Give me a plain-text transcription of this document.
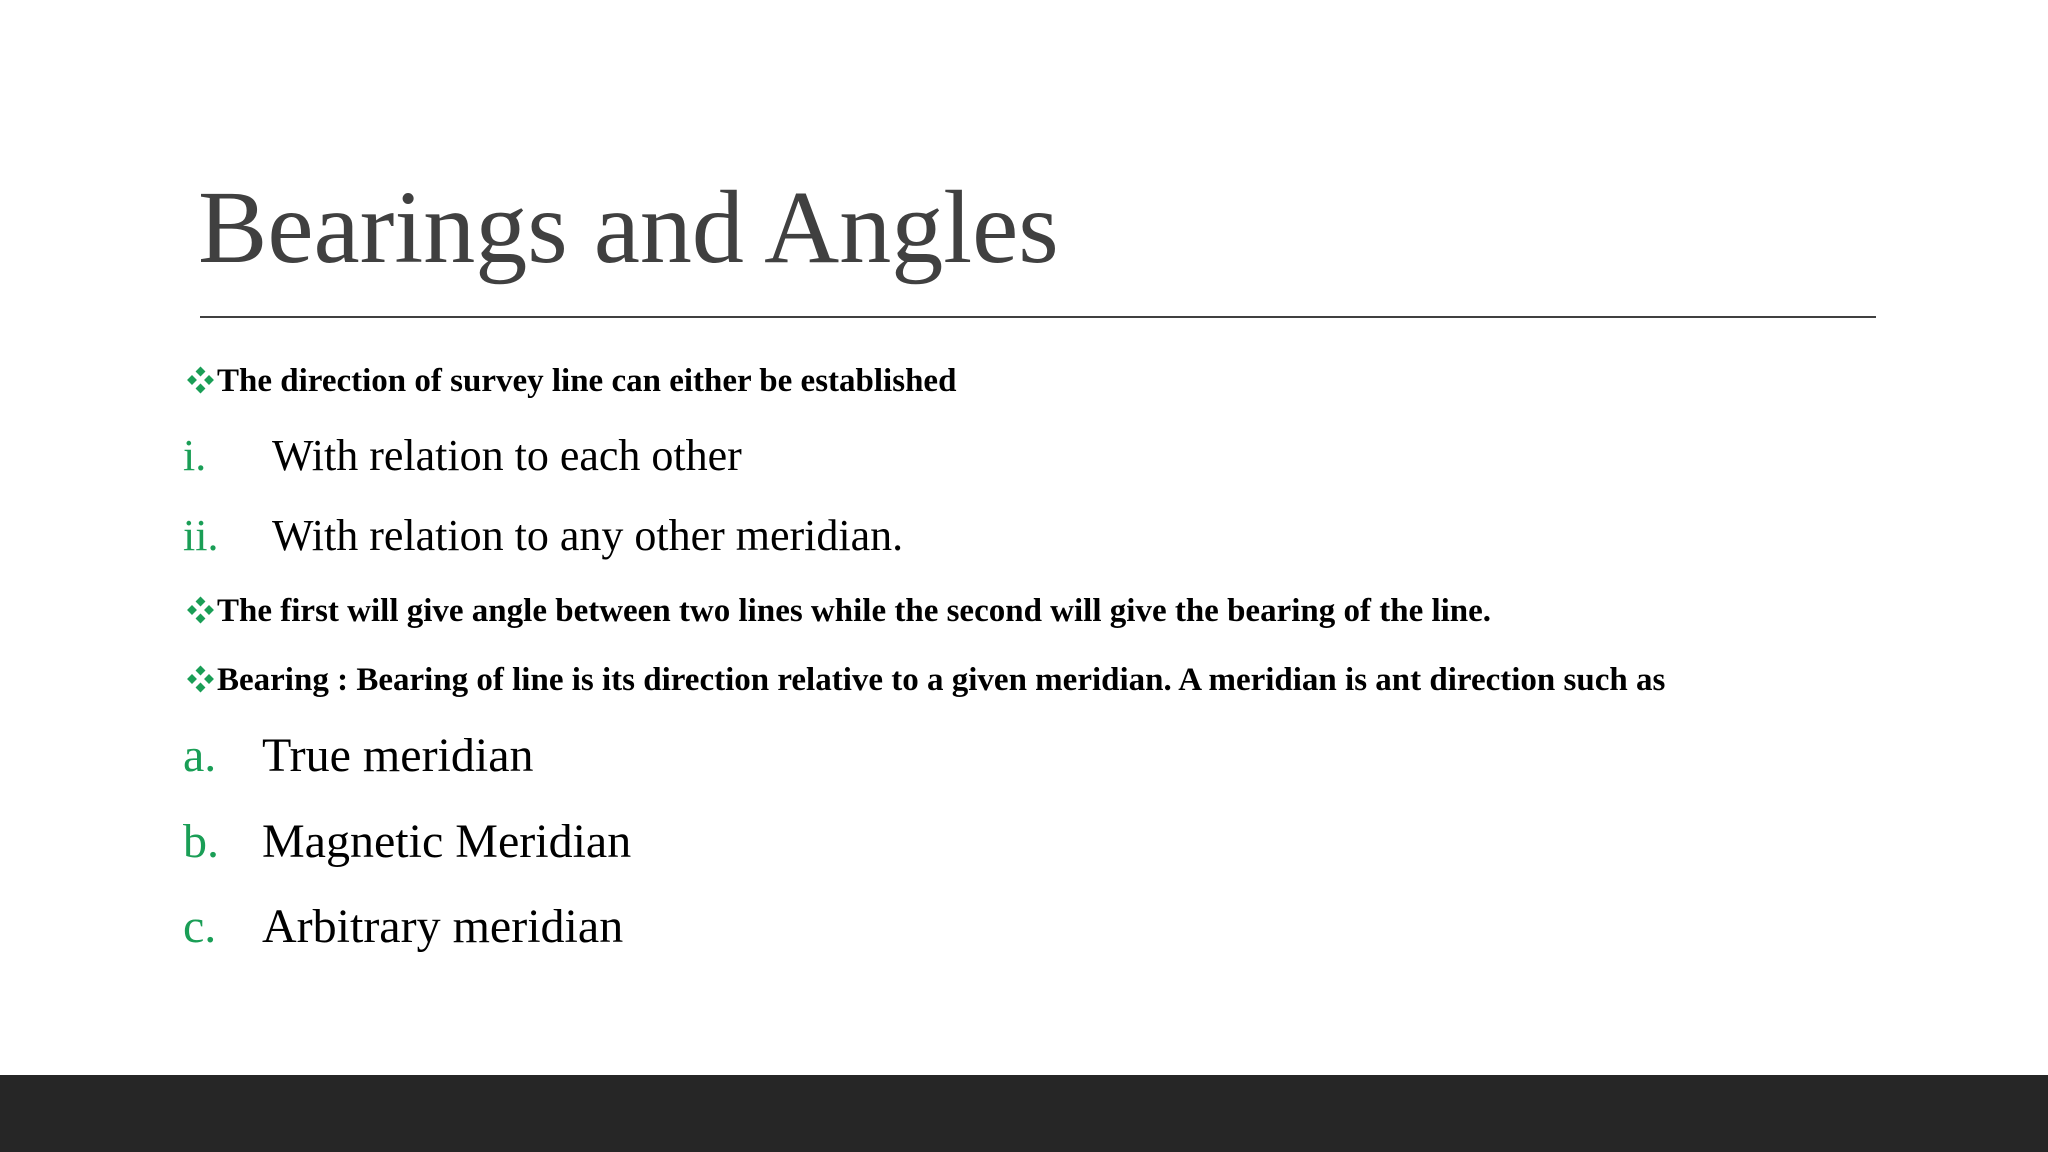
Bearings and Angles
The direction of survey line can either be established
i. With relation to each other
ii. With relation to any other meridian.
The first will give angle between two lines while the second will give the bearing of the line.
Bearing : Bearing of line is its direction relative to a given meridian. A meridian is ant direction such as
a. True meridian
b. Magnetic Meridian
c. Arbitrary meridian
